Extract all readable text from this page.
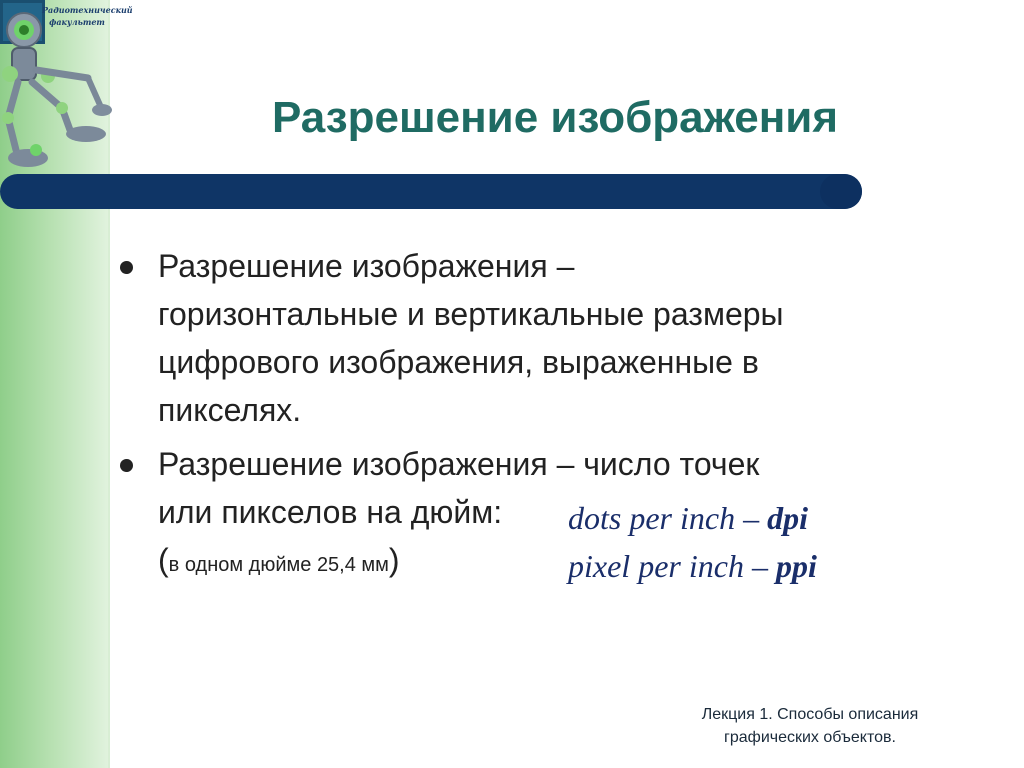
Радиотехнический
факультет
Разрешение изображения
Разрешение изображения –
горизонтальные и вертикальные размеры
цифрового изображения, выраженные в
пикселях.
Разрешение изображения – число точек
или пикселов на дюйм:
(в одном дюйме 25,4 мм)
dots per inch – dpi
pixel per inch – ppi
Лекция 1. Способы описания
графических объектов.
